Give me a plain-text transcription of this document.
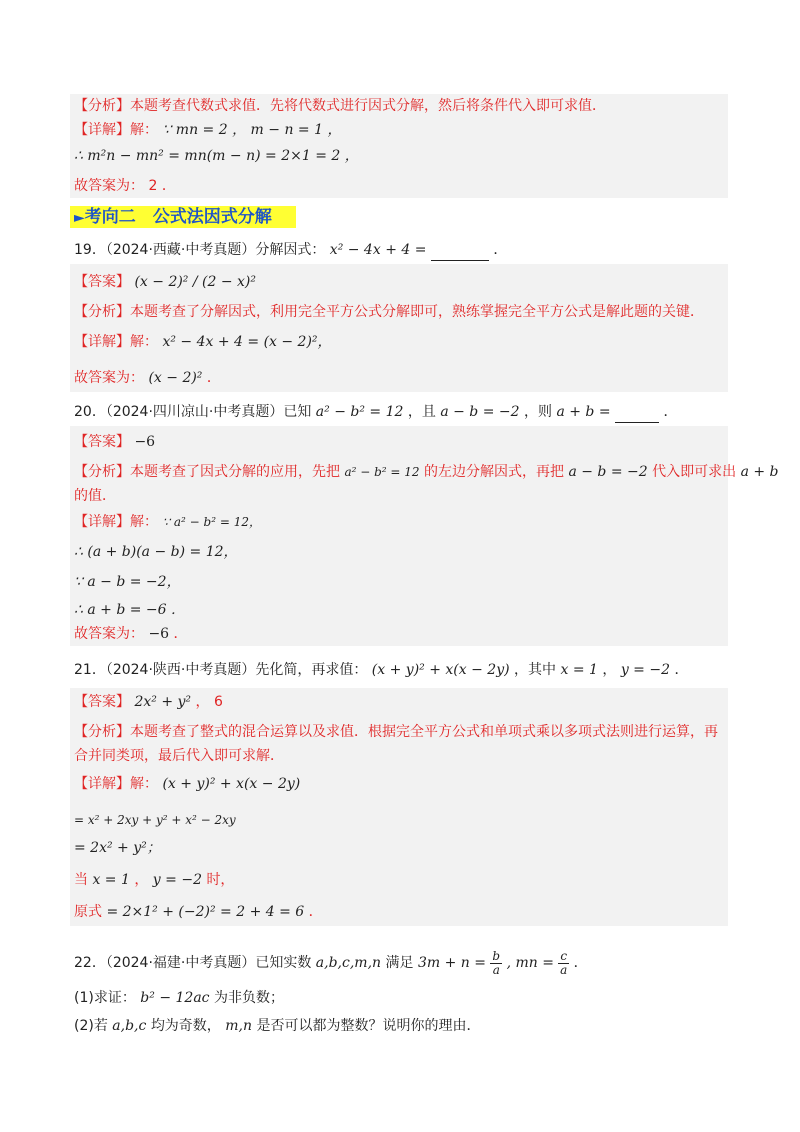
【分析】本题考查代数式求值．先将代数式进行因式分解，然后将条件代入即可求值．
【详解】解： ∵ mn = 2 ， m − n = 1 ，
∴ m²n − mn² = mn(m − n) = 2×1 = 2 ，
故答案为： 2 ．
►考向二　公式法因式分解
19．（2024·西藏·中考真题）分解因式： x² − 4x + 4 =	．
【答案】 (x − 2)² / (2 − x)²
【分析】本题考查了分解因式，利用完全平方公式分解即可，熟练掌握完全平方公式是解此题的关键．
【详解】解： x² − 4x + 4 = (x − 2)²，
故答案为： (x − 2)² ．
20．（2024·四川凉山·中考真题）已知 a² − b² = 12 ，且 a − b = −2 ，则 a + b =	．
【答案】 −6
【分析】本题考查了因式分解的应用，先把 a² − b² = 12 的左边分解因式，再把 a − b = −2 代入即可求出 a + b
的值．
【详解】解： ∵ a² − b² = 12，
∴ (a + b)(a − b) = 12，
∵ a − b = −2，
∴ a + b = −6 ．
故答案为： −6 ．
21．（2024·陕西·中考真题）先化简，再求值： (x + y)² + x(x − 2y) ，其中 x = 1 ， y = −2 ．
【答案】 2x² + y² ， 6
【分析】本题考查了整式的混合运算以及求值．根据完全平方公式和单项式乘以多项式法则进行运算，再
合并同类项，最后代入即可求解．
【详解】解： (x + y)² + x(x − 2y)
= x² + 2xy + y² + x² − 2xy
= 2x² + y²；
当 x = 1 ， y = −2 时，
原式 = 2×1² + (−2)² = 2 + 4 = 6 ．
22．（2024·福建·中考真题）已知实数 a,b,c,m,n 满足 $3m + n = \frac{b}{a}$ , mn = $\frac{c}{a}$ ．
(1)求证： b² − 12ac 为非负数；
(2)若 a,b,c 均为奇数， m,n 是否可以都为整数？说明你的理由．
